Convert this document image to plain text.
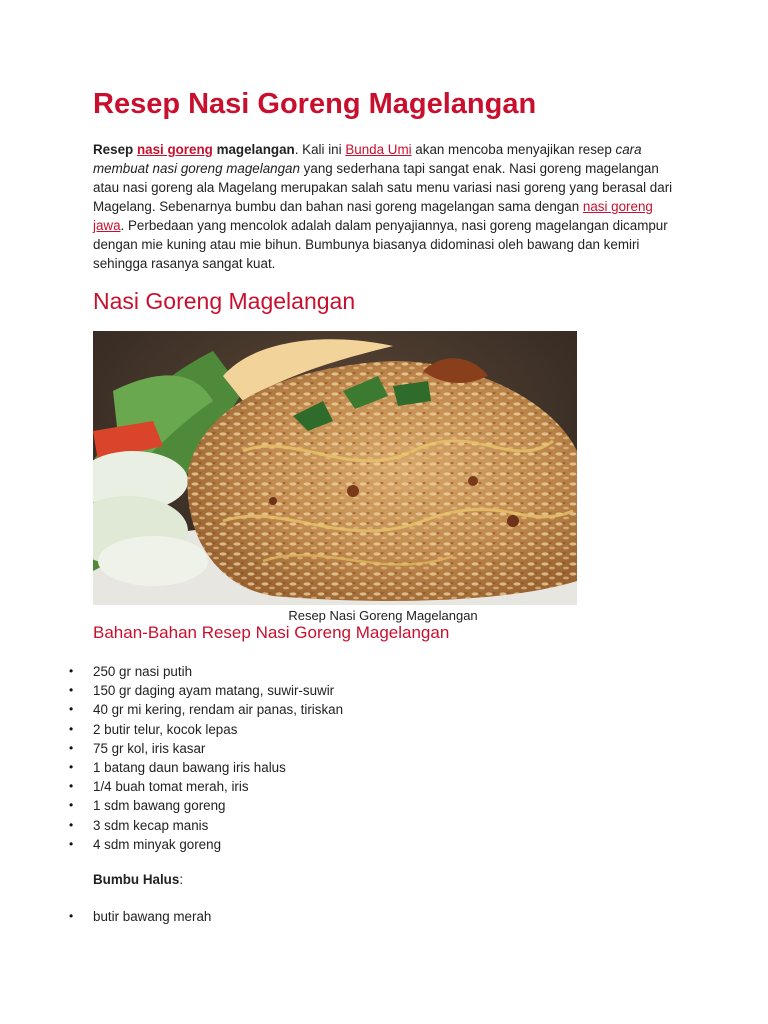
Resep Nasi Goreng Magelangan

Resep nasi goreng magelangan. Kali ini Bunda Umi akan mencoba menyajikan resep cara membuat nasi goreng magelangan yang sederhana tapi sangat enak. Nasi goreng magelangan atau nasi goreng ala Magelang merupakan salah satu menu variasi nasi goreng yang berasal dari Magelang. Sebenarnya bumbu dan bahan nasi goreng magelangan sama dengan nasi goreng jawa. Perbedaan yang mencolok adalah dalam penyajiannya, nasi goreng magelangan dicampur dengan mie kuning atau mie bihun. Bumbunya biasanya didominasi oleh bawang dan kemiri sehingga rasanya sangat kuat.

Nasi Goreng Magelangan
Resep Nasi Goreng Magelangan
Bahan-Bahan Resep Nasi Goreng Magelangan
• 250 gr nasi putih
• 150 gr daging ayam matang, suwir-suwir
• 40 gr mi kering, rendam air panas, tiriskan
• 2 butir telur, kocok lepas
• 75 gr kol, iris kasar
• 1 batang daun bawang iris halus
• 1/4 buah tomat merah, iris
• 1 sdm bawang goreng
• 3 sdm kecap manis
• 4 sdm minyak goreng
Bumbu Halus:
• butir bawang merah
